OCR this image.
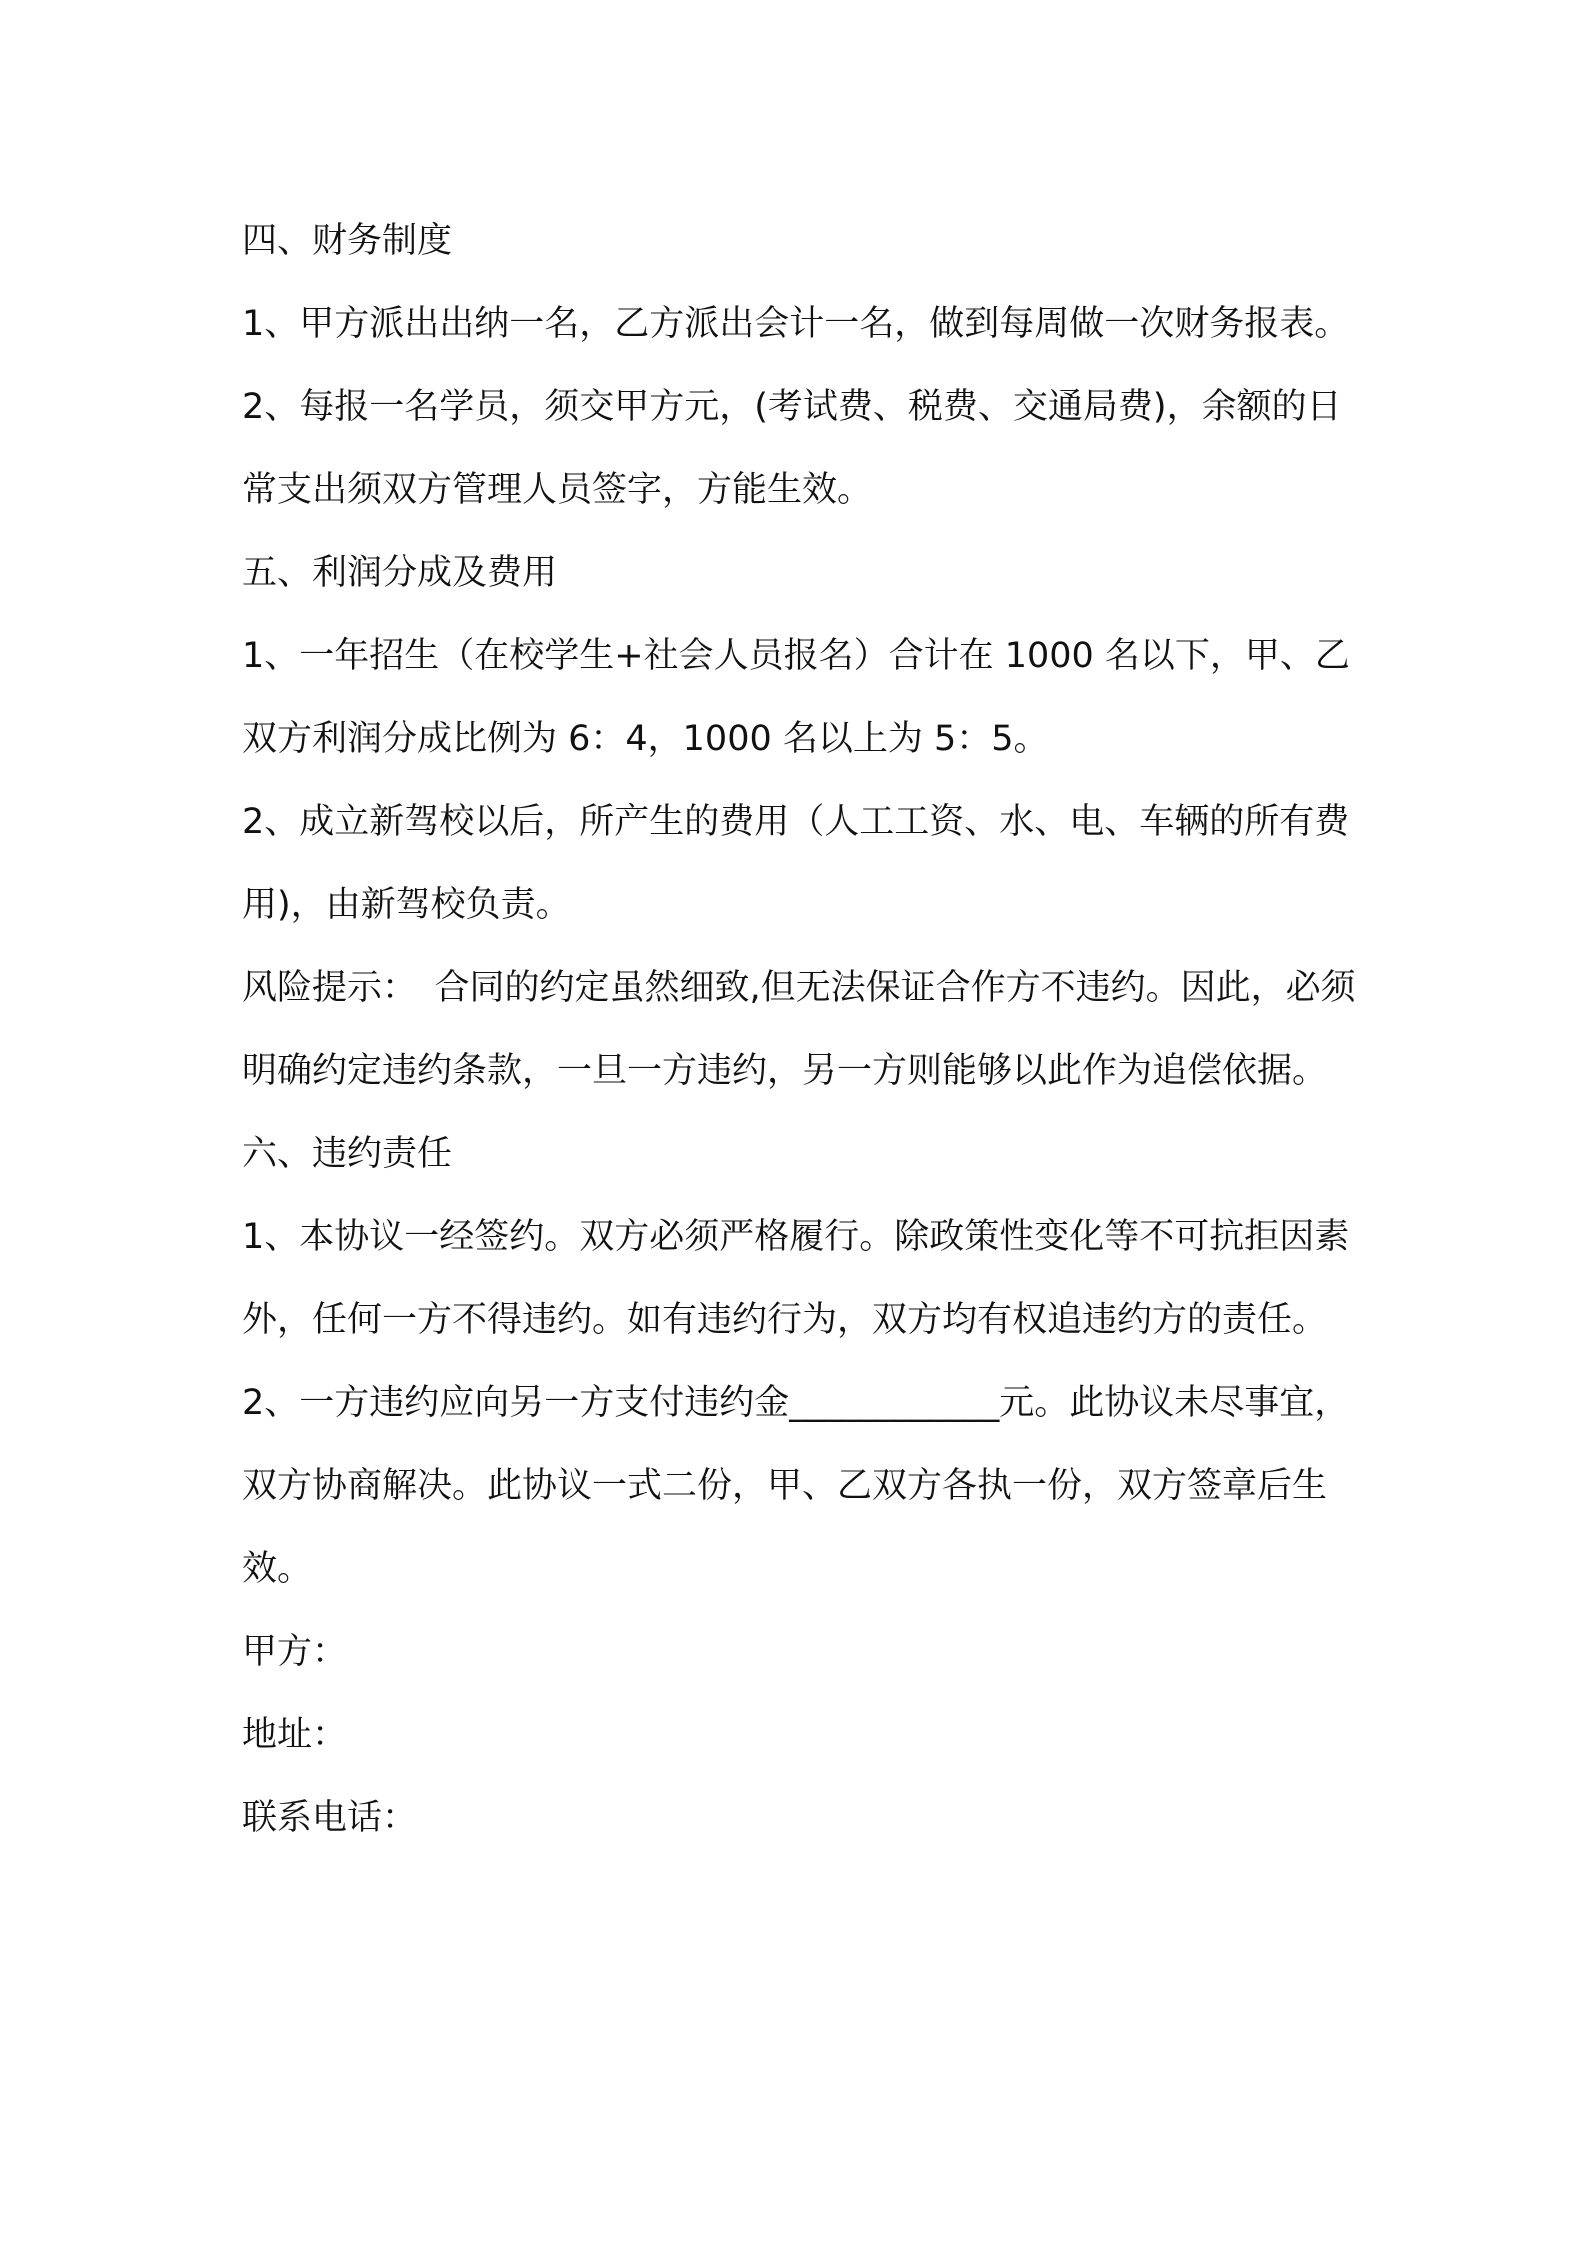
四、财务制度

1、甲方派出出纳一名，乙方派出会计一名，做到每周做一次财务报表。

2、每报一名学员，须交甲方元，(考试费、税费、交通局费)，余额的日常支出须双方管理人员签字，方能生效。

五、利润分成及费用

1、一年招生（在校学生+社会人员报名）合计在 1000 名以下，甲、乙双方利润分成比例为 6：4，1000 名以上为 5：5。

2、成立新驾校以后，所产生的费用（人工工资、水、电、车辆的所有费用)，由新驾校负责。

风险提示：　合同的约定虽然细致,但无法保证合作方不违约。因此，必须明确约定违约条款，一旦一方违约，另一方则能够以此作为追偿依据。　六、违约责任

1、本协议一经签约。双方必须严格履行。除政策性变化等不可抗拒因素外，任何一方不得违约。如有违约行为，双方均有权追违约方的责任。

2、一方违约应向另一方支付违约金____________元。此协议未尽事宜，双方协商解决。此协议一式二份，甲、乙双方各执一份，双方签章后生效。

甲方：

地址：

联系电话：
